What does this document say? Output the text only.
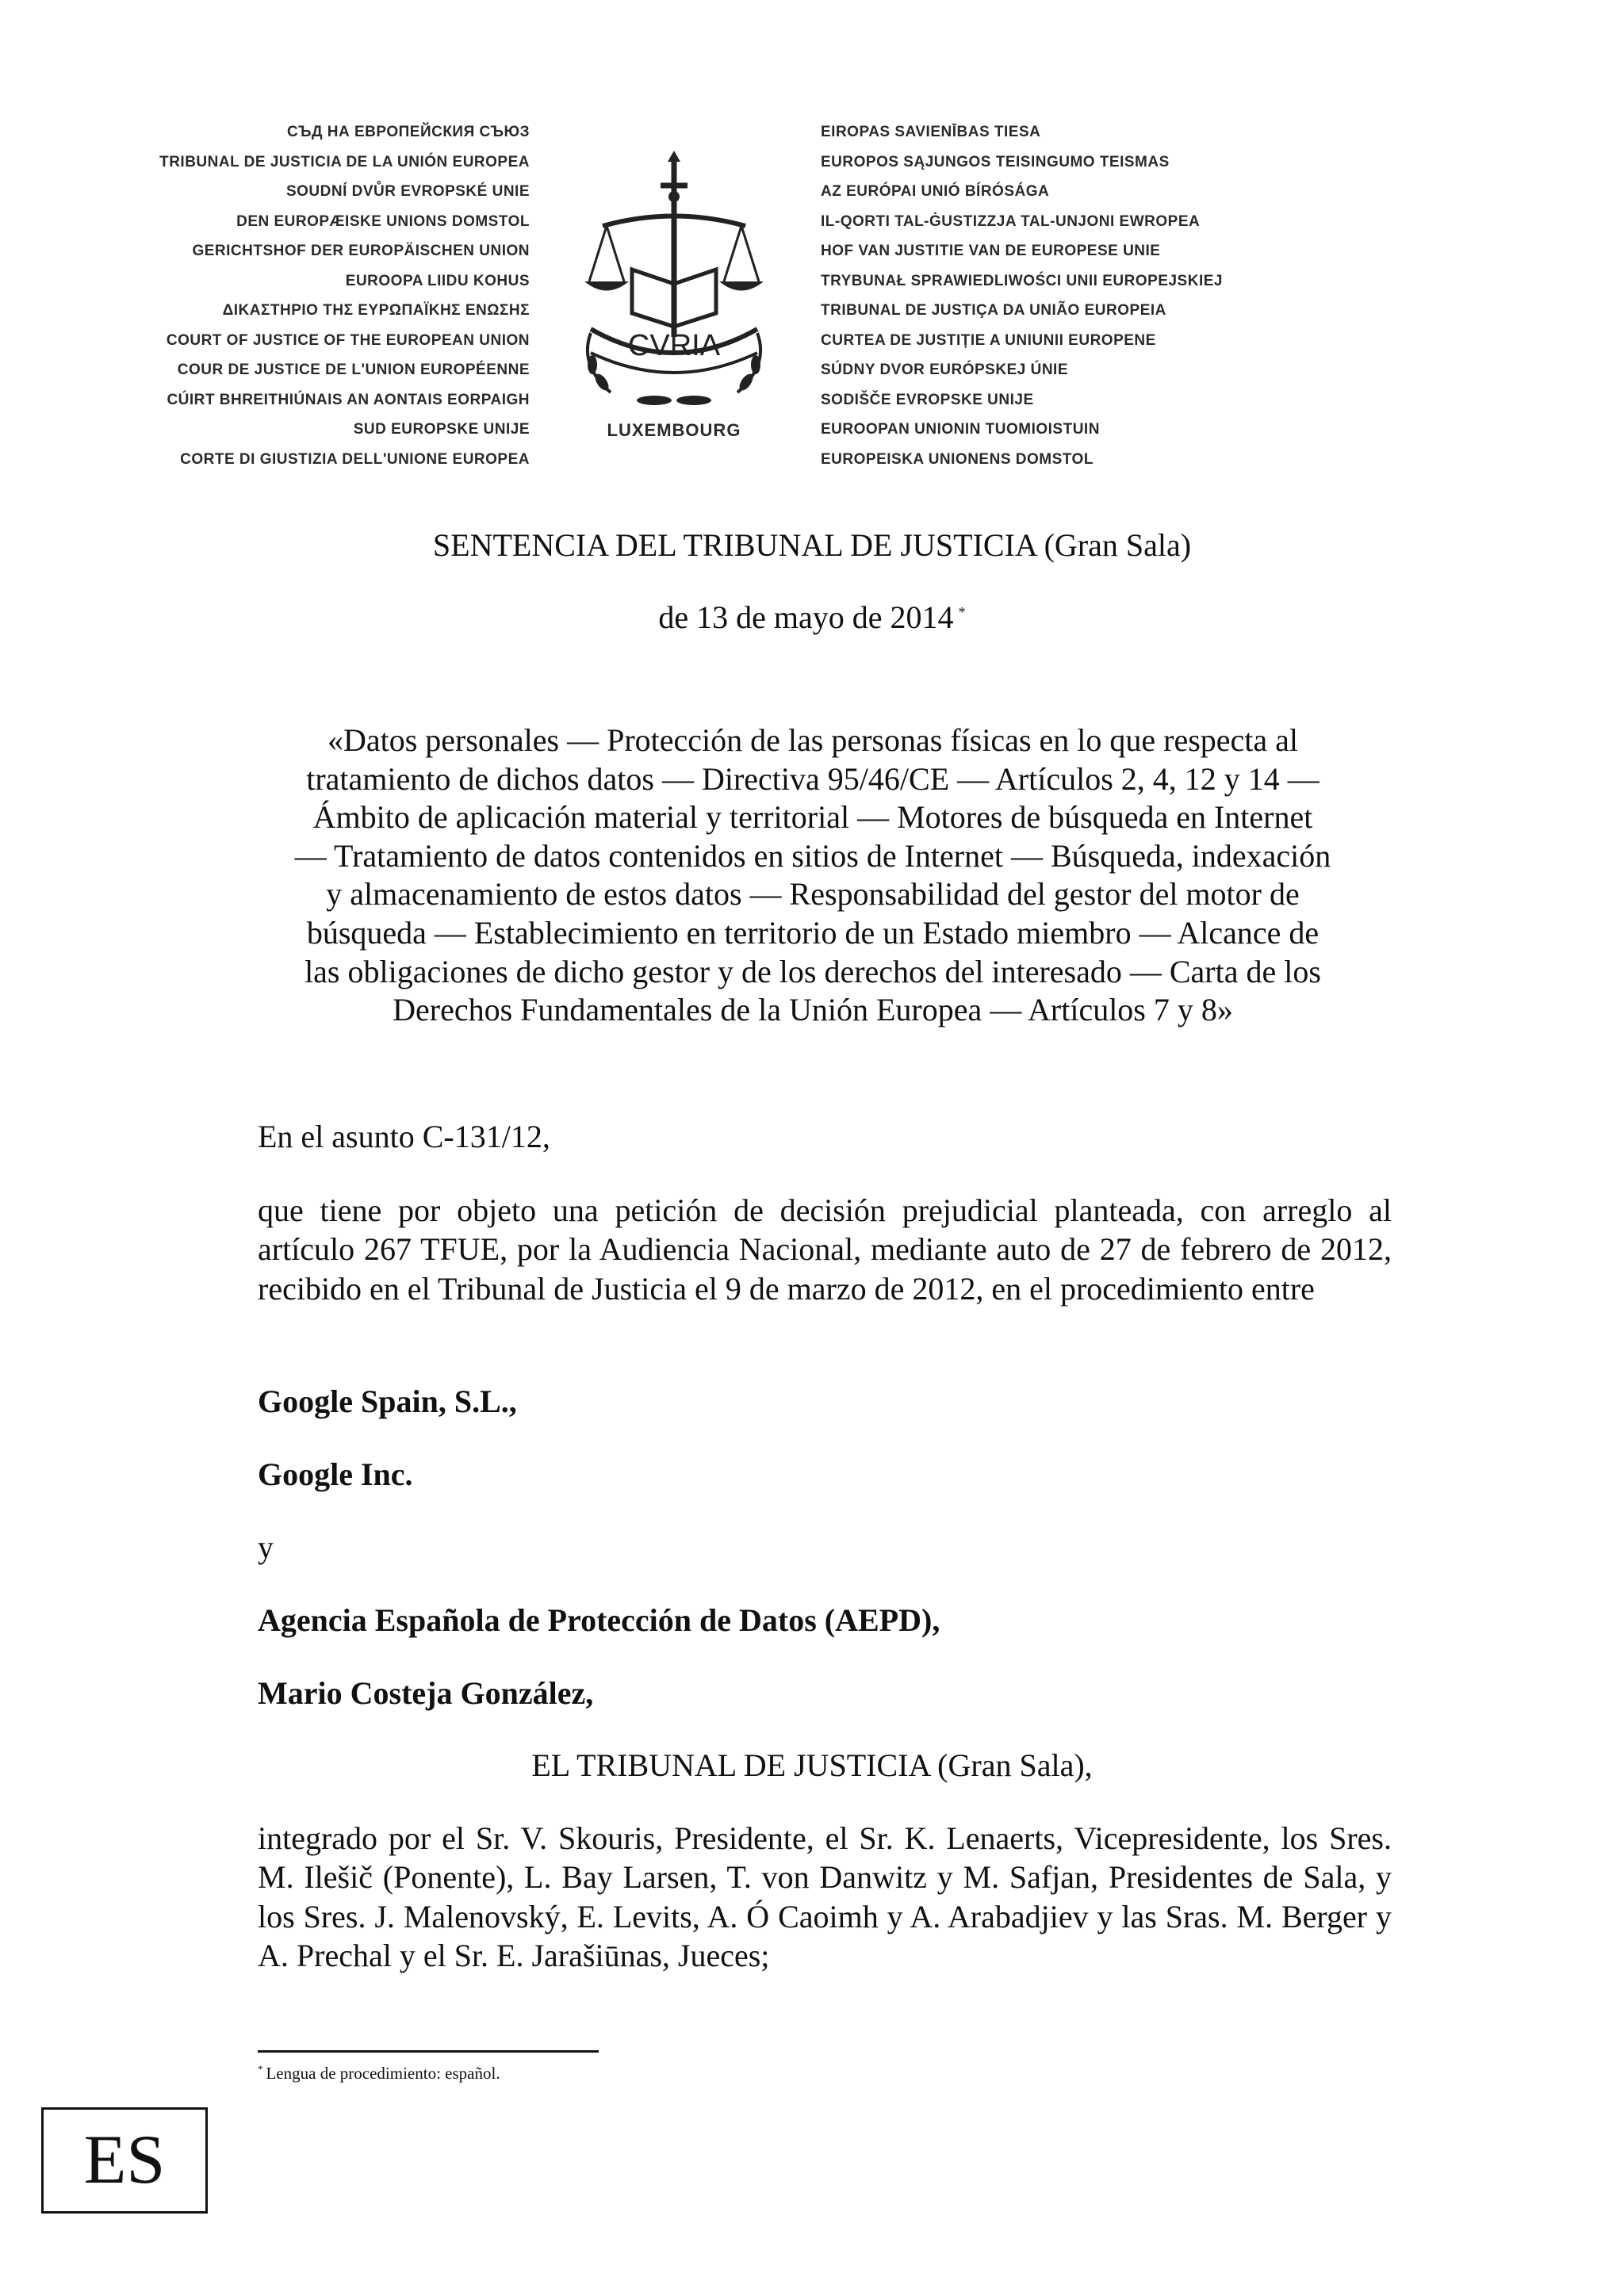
СЪД НА ЕВРОПЕЙСКИЯ СЪЮЗ
TRIBUNAL DE JUSTICIA DE LA UNIÓN EUROPEA
SOUDNÍ DVŮR EVROPSKÉ UNIE
DEN EUROPÆISKE UNIONS DOMSTOL
GERICHTSHOF DER EUROPÄISCHEN UNION
EUROOPA LIIDU KOHUS
ΔΙΚΑΣΤΗΡΙΟ ΤΗΣ ΕΥΡΩΠΑΪΚΗΣ ΕΝΩΣΗΣ
COURT OF JUSTICE OF THE EUROPEAN UNION
COUR DE JUSTICE DE L'UNION EUROPÉENNE
CÚIRT BHREITHIÚNAIS AN AONTAIS EORPAIGH
SUD EUROPSKE UNIJE
CORTE DI GIUSTIZIA DELL'UNIONE EUROPEA
EIROPAS SAVIENĪBAS TIESA
EUROPOS SĄJUNGOS TEISINGUMO TEISMAS
AZ EURÓPAI UNIÓ BÍRÓSÁGA
IL-QORTI TAL-ĠUSTIZZJA TAL-UNJONI EWROPEA
HOF VAN JUSTITIE VAN DE EUROPESE UNIE
TRYBUNAŁ SPRAWIEDLIWOŚCI UNII EUROPEJSKIEJ
TRIBUNAL DE JUSTIÇA DA UNIÃO EUROPEIA
CURTEA DE JUSTIȚIE A UNIUNII EUROPENE
SÚDNY DVOR EURÓPSKEJ ÚNIE
SODIŠČE EVROPSKE UNIJE
EUROOPAN UNIONIN TUOMIOISTUIN
EUROPEISKA UNIONENS DOMSTOL
CVRIA
LUXEMBOURG
SENTENCIA DEL TRIBUNAL DE JUSTICIA (Gran Sala)
de 13 de mayo de 2014 *
«Datos personales — Protección de las personas físicas en lo que respecta al
tratamiento de dichos datos — Directiva 95/46/CE — Artículos 2, 4, 12 y 14 —
Ámbito de aplicación material y territorial — Motores de búsqueda en Internet
— Tratamiento de datos contenidos en sitios de Internet — Búsqueda, indexación
y almacenamiento de estos datos — Responsabilidad del gestor del motor de
búsqueda — Establecimiento en territorio de un Estado miembro — Alcance de
las obligaciones de dicho gestor y de los derechos del interesado — Carta de los
Derechos Fundamentales de la Unión Europea — Artículos 7 y 8»
En el asunto C-131/12,
que tiene por objeto una petición de decisión prejudicial planteada, con arreglo al artículo 267 TFUE, por la Audiencia Nacional, mediante auto de 27 de febrero de 2012, recibido en el Tribunal de Justicia el 9 de marzo de 2012, en el procedimiento entre
Google Spain, S.L.,
Google Inc.
y
Agencia Española de Protección de Datos (AEPD),
Mario Costeja González,
EL TRIBUNAL DE JUSTICIA (Gran Sala),
integrado por el Sr. V. Skouris, Presidente, el Sr. K. Lenaerts, Vicepresidente, los Sres. M. Ilešič (Ponente), L. Bay Larsen, T. von Danwitz y M. Safjan, Presidentes de Sala, y los Sres. J. Malenovský, E. Levits, A. Ó Caoimh y A. Arabadjiev y las Sras. M. Berger y A. Prechal y el Sr. E. Jarašiūnas, Jueces;
* Lengua de procedimiento: español.
ES
